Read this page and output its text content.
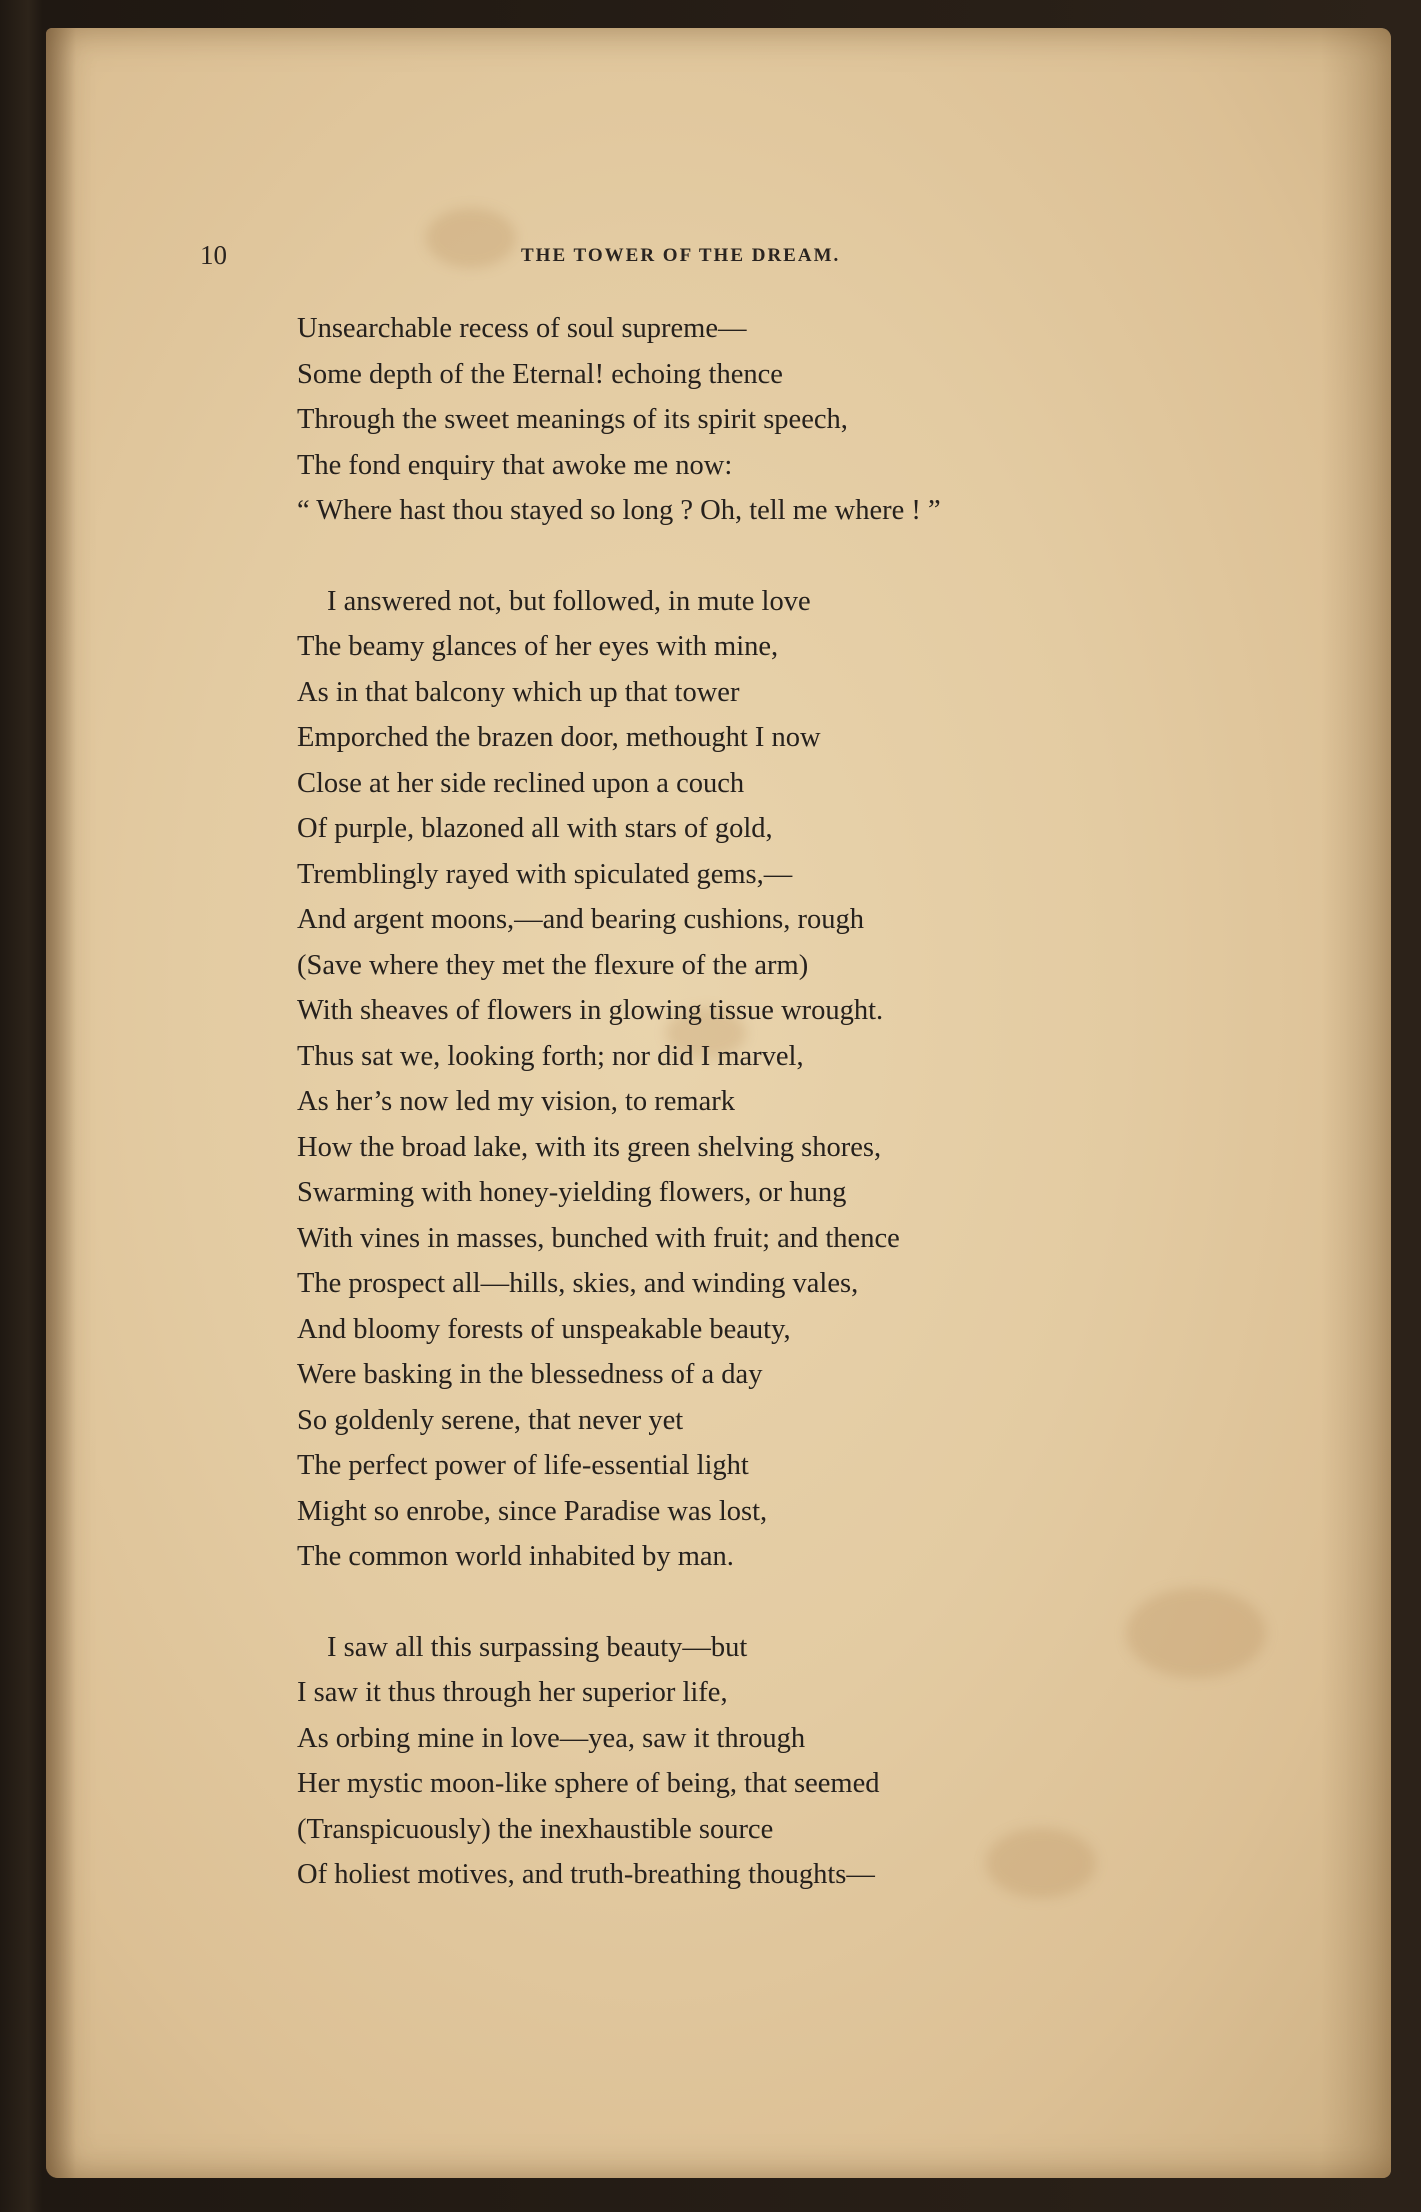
10	THE TOWER OF THE DREAM.
Unsearchable recess of soul supreme—
Some depth of the Eternal! echoing thence
Through the sweet meanings of its spirit speech,
The fond enquiry that awoke me now:
“ Where hast thou stayed so long ? Oh, tell me where ! ”
I answered not, but followed, in mute love
The beamy glances of her eyes with mine,
As in that balcony which up that tower
Emporched the brazen door, methought I now
Close at her side reclined upon a couch
Of purple, blazoned all with stars of gold,
Tremblingly rayed with spiculated gems,—
And argent moons,—and bearing cushions, rough
(Save where they met the flexure of the arm)
With sheaves of flowers in glowing tissue wrought.
Thus sat we, looking forth; nor did I marvel,
As her’s now led my vision, to remark
How the broad lake, with its green shelving shores,
Swarming with honey-yielding flowers, or hung
With vines in masses, bunched with fruit; and thence
The prospect all—hills, skies, and winding vales,
And bloomy forests of unspeakable beauty,
Were basking in the blessedness of a day
So goldenly serene, that never yet
The perfect power of life-essential light
Might so enrobe, since Paradise was lost,
The common world inhabited by man.
I saw all this surpassing beauty—but
I saw it thus through her superior life,
As orbing mine in love—yea, saw it through
Her mystic moon-like sphere of being, that seemed
(Transpicuously) the inexhaustible source
Of holiest motives, and truth-breathing thoughts—
